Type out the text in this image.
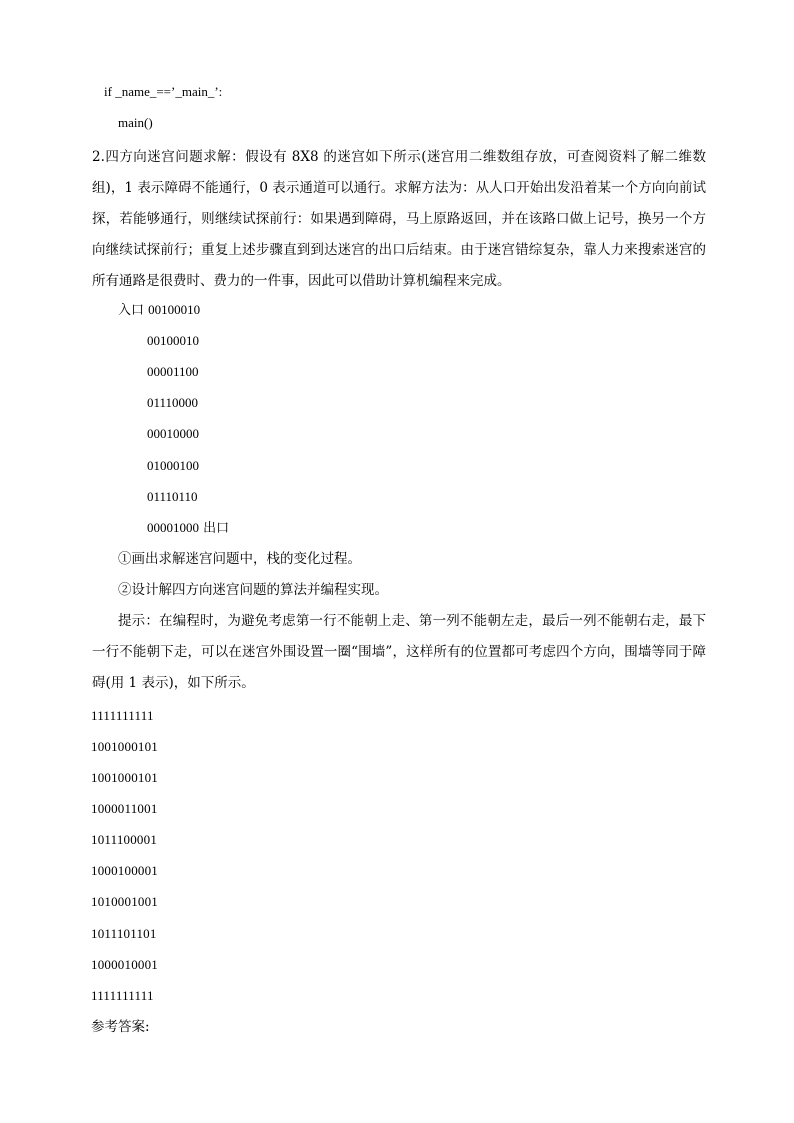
if _name_==’_main_’:
main()
2.四方向迷宫问题求解：假设有 8X8 的迷宫如下所示(迷宫用二维数组存放，可查阅资料了解二维数组)，1 表示障碍不能通行，0 表示通道可以通行。求解方法为：从人口开始出发沿着某一个方向向前试探，若能够通行，则继续试探前行：如果遇到障碍，马上原路返回，并在该路口做上记号，换另一个方向继续试探前行；重复上述步骤直到到达迷宫的出口后结束。由于迷宫错综复杂，靠人力来搜索迷宫的所有通路是很费时、费力的一件事，因此可以借助计算机编程来完成。
入口 00100010
00100010
00001100
01110000
00010000
01000100
01110110
00001000 出口
①画出求解迷宫问题中，栈的变化过程。
②设计解四方向迷宫问题的算法并编程实现。
提示：在编程时，为避免考虑第一行不能朝上走、第一列不能朝左走，最后一列不能朝右走，最下一行不能朝下走，可以在迷宫外围设置一圈“围墙”，这样所有的位置都可考虑四个方向，围墙等同于障碍(用 1 表示)，如下所示。
1111111111
1001000101
1001000101
1000011001
1011100001
1000100001
1010001001
1011101101
1000010001
1111111111
参考答案:
